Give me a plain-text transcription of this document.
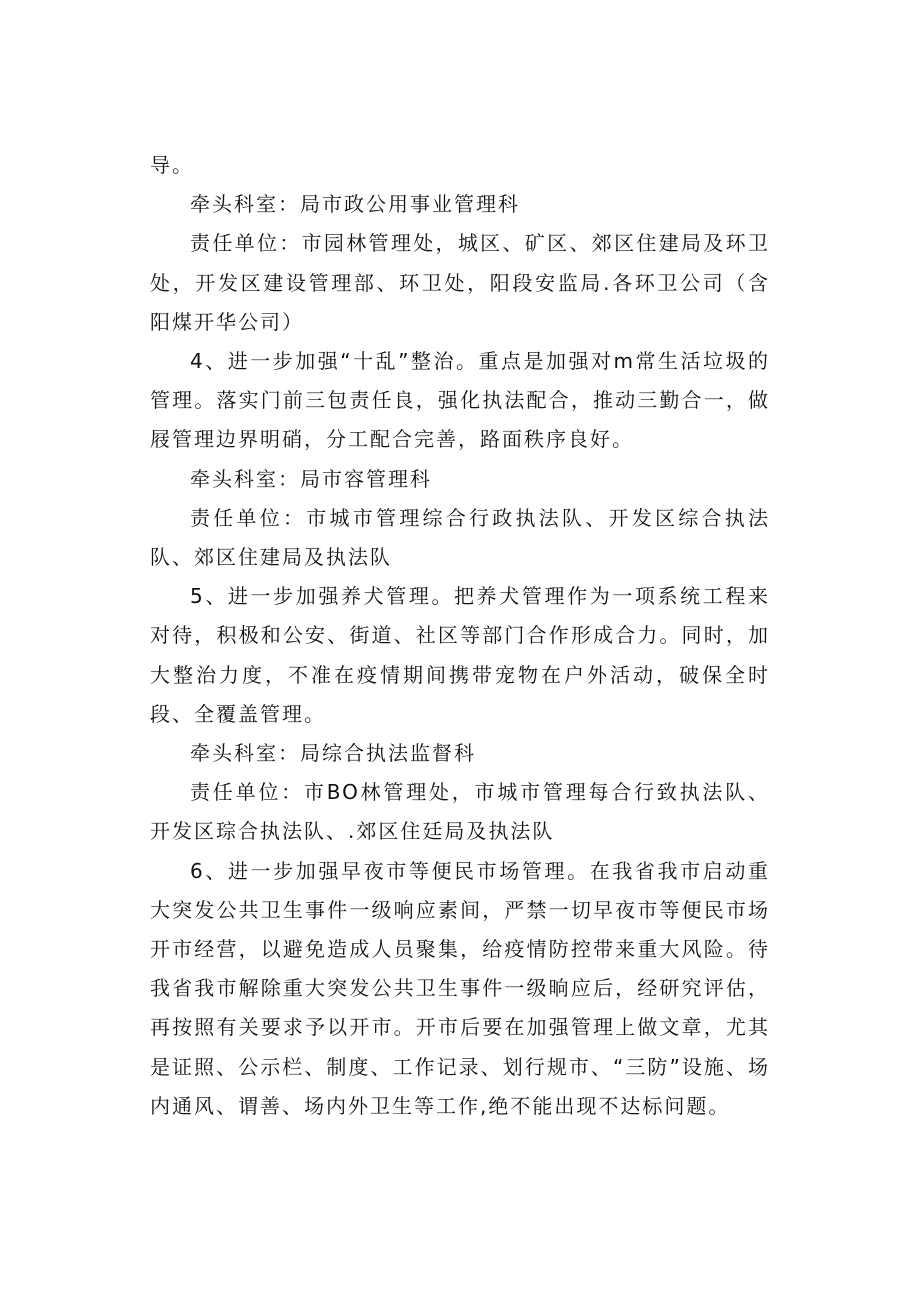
导。

牵头科室：局市政公用事业管理科

责任单位：市园林管理处，城区、矿区、郊区住建局及环卫处，开发区建设管理部、环卫处，阳段安监局.各环卫公司（含阳煤开华公司）

4、进一步加强“十乱”整治。重点是加强对m常生活垃圾的管理。落实门前三包责任良，强化执法配合，推动三勤合一，做屐管理边界明硝，分工配合完善，路面秩序良好。

牵头科室：局市容管理科

责任单位：市城市管理综合行政执法队、开发区综合执法队、郊区住建局及执法队

5、进一步加强养犬管理。把养犬管理作为一项系统工程来对待，积极和公安、街道、社区等部门合作形成合力。同时，加大整治力度，不准在疫情期间携带宠物在户外活动，破保全时段、全覆盖管理。

牵头科室：局综合执法监督科

责任单位：市BO林管理处，市城市管理每合行致执法队、开发区琮合执法队、.郊区住廷局及执法队

6、进一步加强早夜市等便民市场管理。在我省我市启动重大突发公共卫生事件一级响应素间，严禁一切早夜市等便民市场开市经营，以避免造成人员聚集，给疫情防控带来重大风险。待我省我市解除重大突发公共卫生事件一级晌应后，经研究评估，再按照有关要求予以开市。开市后要在加强管理上做文章，尤其是证照、公示栏、制度、工作记录、划行规市、“三防”设施、场内通风、谓善、场内外卫生等工作,绝不能出现不达标问题。
